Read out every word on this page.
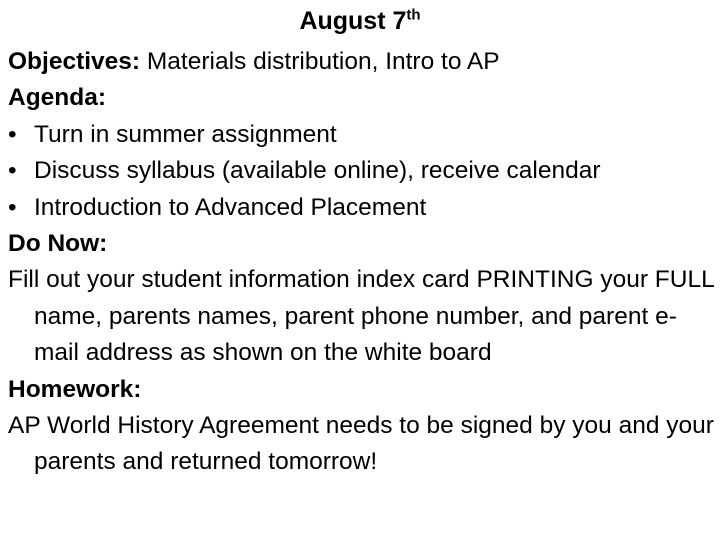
August 7th
Objectives: Materials distribution, Intro to AP
Agenda:
• Turn in summer assignment
• Discuss syllabus (available online), receive calendar
• Introduction to Advanced Placement
Do Now:
Fill out your student information index card PRINTING your FULL name, parents names, parent phone number, and parent e-mail address as shown on the white board
Homework:
AP World History Agreement needs to be signed by you and your parents and returned tomorrow!
